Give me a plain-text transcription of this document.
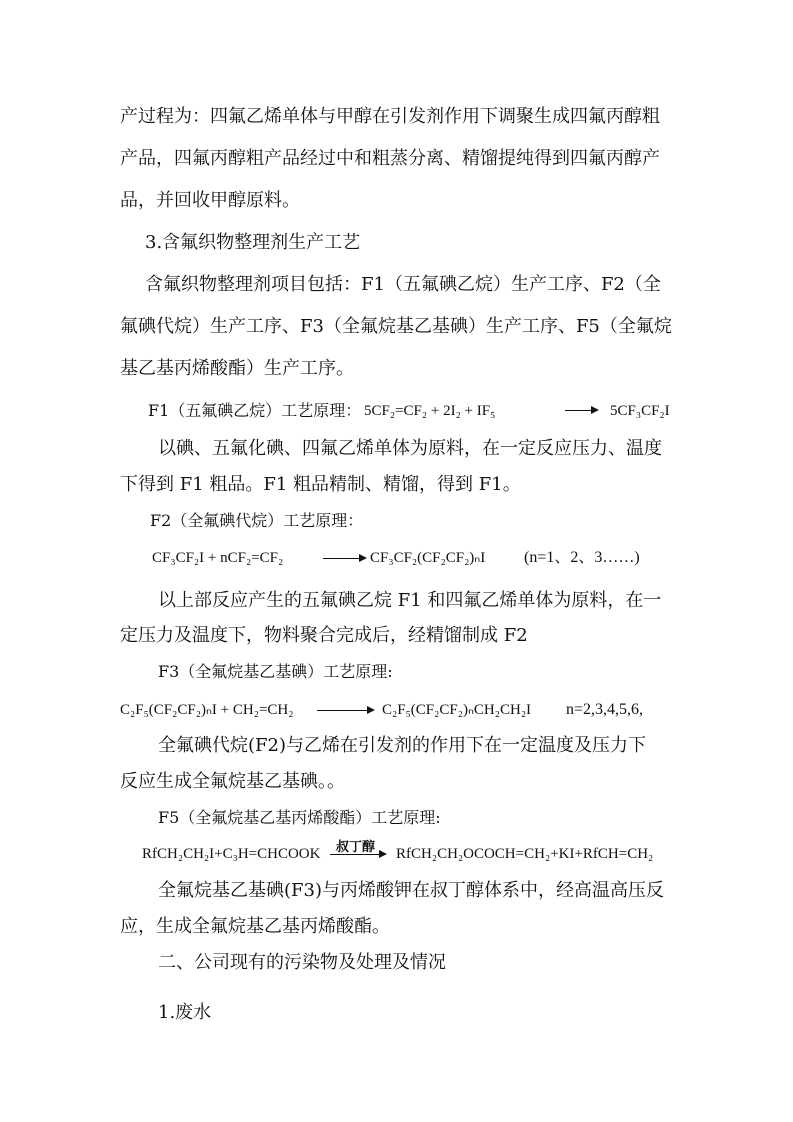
产过程为：四氟乙烯单体与甲醇在引发剂作用下调聚生成四氟丙醇粗
产品，四氟丙醇粗产品经过中和粗蒸分离、精馏提纯得到四氟丙醇产
品，并回收甲醇原料。
3.含氟织物整理剂生产工艺
含氟织物整理剂项目包括：F1（五氟碘乙烷）生产工序、F2（全
氟碘代烷）生产工序、F3（全氟烷基乙基碘）生产工序、F5（全氟烷
基乙基丙烯酸酯）生产工序。
F1（五氟碘乙烷）工艺原理： 5CF₂=CF₂ + 2I₂ + IF₅	→ 5CF₃CF₂I
以碘、五氟化碘、四氟乙烯单体为原料，在一定反应压力、温度
下得到 F1 粗品。F1 粗品精制、精馏，得到 F1。
F2（全氟碘代烷）工艺原理：
CF₃CF₂I + nCF₂=CF₂ → CF₃CF₂(CF₂CF₂)ₙI (n=1、2、3……)
以上部反应产生的五氟碘乙烷 F1 和四氟乙烯单体为原料，在一
定压力及温度下，物料聚合完成后，经精馏制成 F2
F3（全氟烷基乙基碘）工艺原理:
C₂F₅(CF₂CF₂)ₙI + CH₂=CH₂ → C₂F₅(CF₂CF₂)ₙCH₂CH₂I n=2,3,4,5,6,
全氟碘代烷(F2)与乙烯在引发剂的作用下在一定温度及压力下
反应生成全氟烷基乙基碘。。
F5（全氟烷基乙基丙烯酸酯）工艺原理:
RfCH₂CH₂I+C₃H=CHCOOK 叔丁醇 → RfCH₂CH₂OCOCH=CH₂+KI+RfCH=CH₂
全氟烷基乙基碘(F3)与丙烯酸钾在叔丁醇体系中，经高温高压反
应，生成全氟烷基乙基丙烯酸酯。
二、公司现有的污染物及处理及情况
1.废水
